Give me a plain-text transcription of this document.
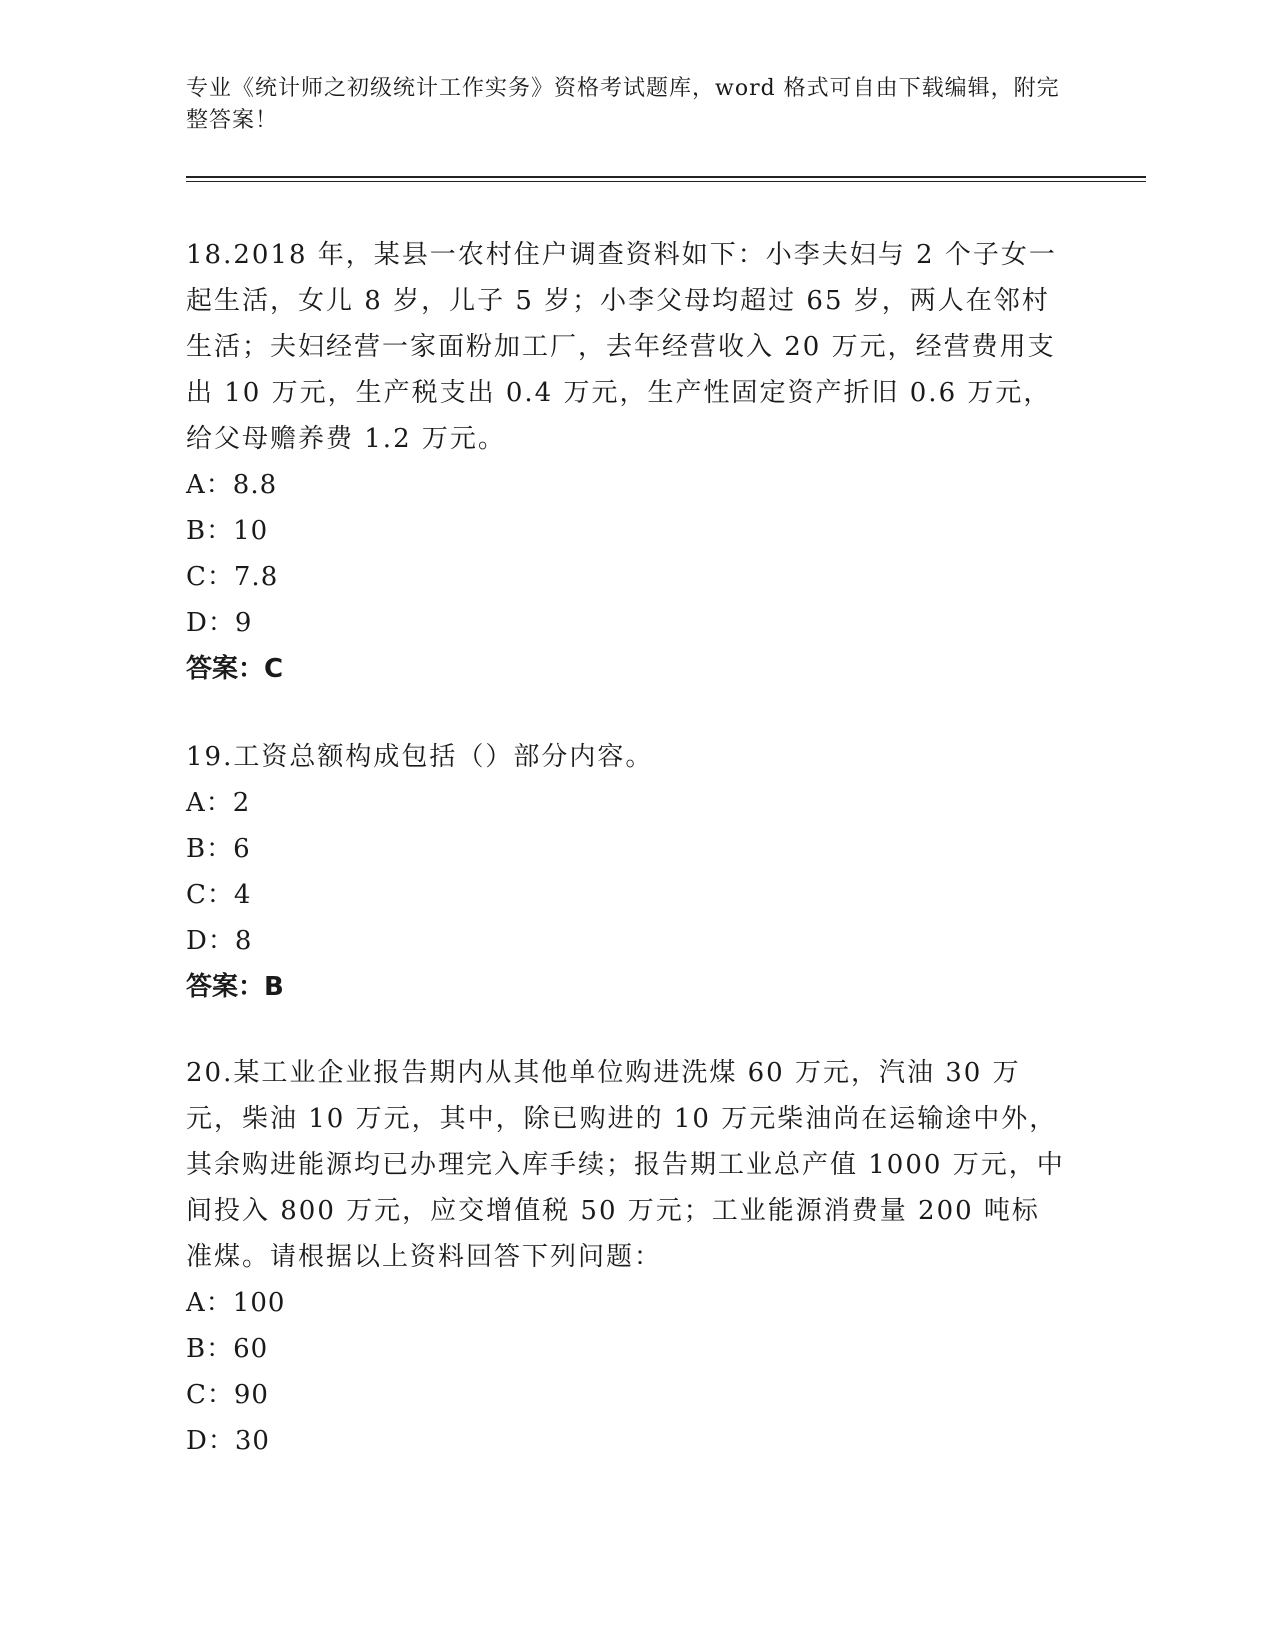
专业《统计师之初级统计工作实务》资格考试题库，word 格式可自由下载编辑，附完整答案！

18.2018 年，某县一农村住户调查资料如下：小李夫妇与 2 个子女一起生活，女儿 8 岁，儿子 5 岁；小李父母均超过 65 岁，两人在邻村生活；夫妇经营一家面粉加工厂，去年经营收入 20 万元，经营费用支出 10 万元，生产税支出 0.4 万元，生产性固定资产折旧 0.6 万元，给父母赡养费 1.2 万元。

A：8.8

B：10

C：7.8

D：9

答案：C

19.工资总额构成包括（）部分内容。

A：2

B：6

C：4

D：8

答案：B

20.某工业企业报告期内从其他单位购进洗煤 60 万元，汽油 30 万元，柴油 10 万元，其中，除已购进的 10 万元柴油尚在运输途中外，其余购进能源均已办理完入库手续；报告期工业总产值 1000 万元，中间投入 800 万元，应交增值税 50 万元；工业能源消费量 200 吨标准煤。请根据以上资料回答下列问题：

A：100

B：60

C：90

D：30
